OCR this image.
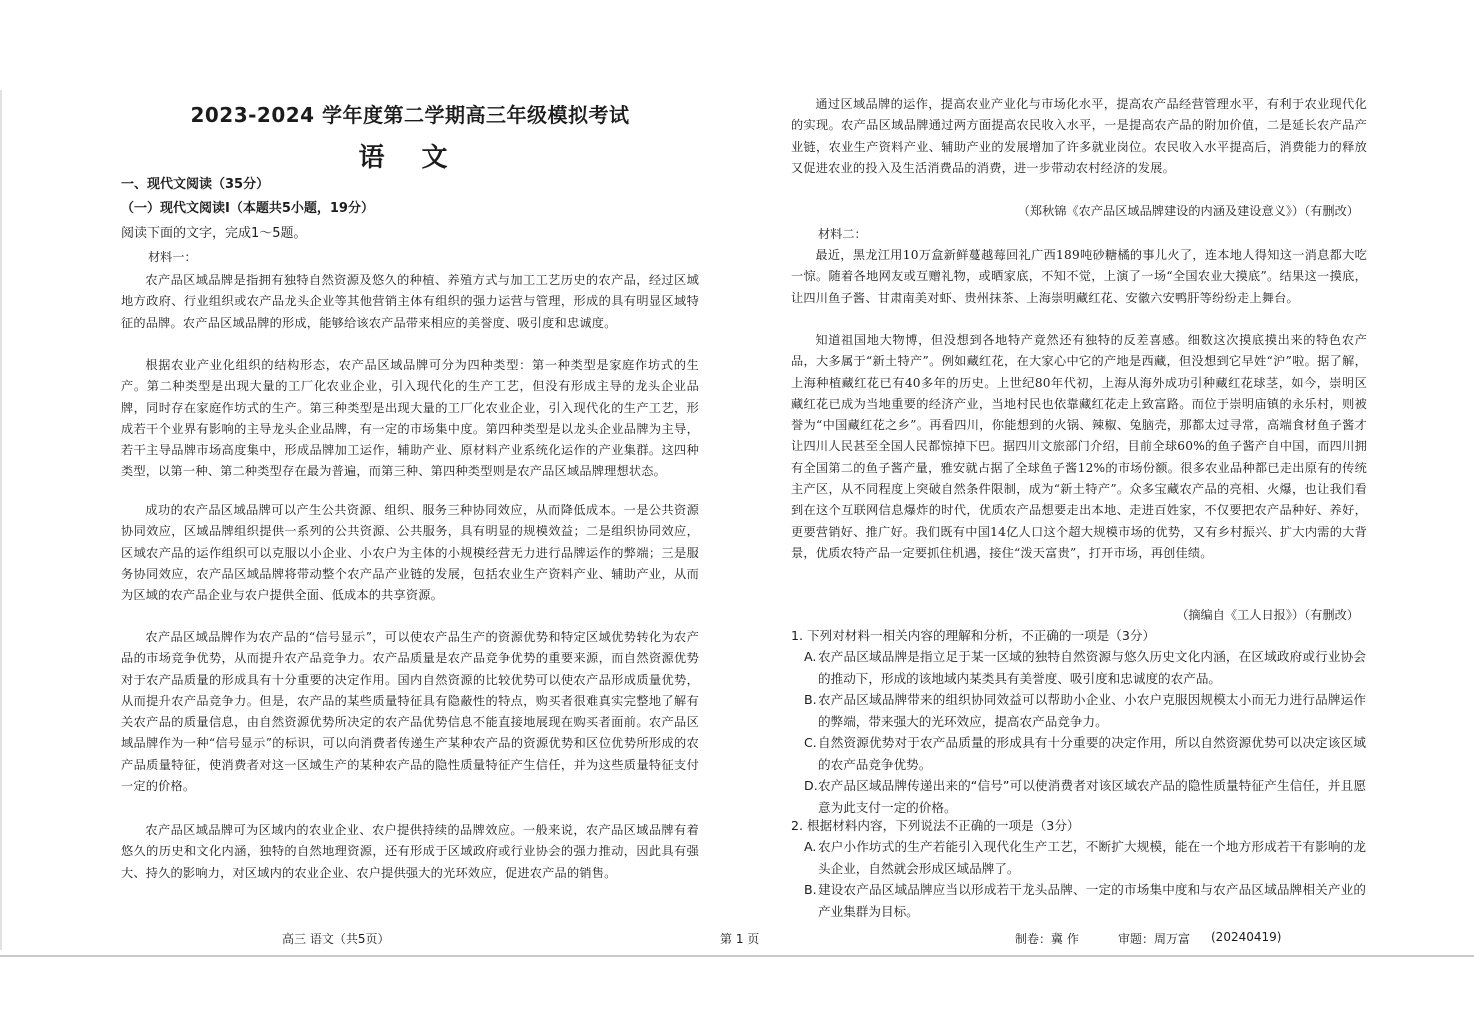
2023-2024 学年度第二学期高三年级模拟考试
语 文
一、现代文阅读（35分）
（一）现代文阅读Ⅰ（本题共5小题，19分）
阅读下面的文字，完成1～5题。
材料一：

农产品区域品牌是指拥有独特自然资源及悠久的种植、养殖方式与加工工艺历史的农产品，经过区域地方政府、行业组织或农产品龙头企业等其他营销主体有组织的强力运营与管理，形成的具有明显区域特征的品牌。农产品区域品牌的形成，能够给该农产品带来相应的美誉度、吸引度和忠诚度。

根据农业产业化组织的结构形态，农产品区域品牌可分为四种类型：第一种类型是家庭作坊式的生产。第二种类型是出现大量的工厂化农业企业，引入现代化的生产工艺，但没有形成主导的龙头企业品牌，同时存在家庭作坊式的生产。第三种类型是出现大量的工厂化农业企业，引入现代化的生产工艺，形成若干个业界有影响的主导龙头企业品牌，有一定的市场集中度。第四种类型是以龙头企业品牌为主导，若干主导品牌市场高度集中，形成品牌加工运作，辅助产业、原材料产业系统化运作的产业集群。这四种类型，以第一种、第二种类型存在最为普遍，而第三种、第四种类型则是农产品区域品牌理想状态。

成功的农产品区域品牌可以产生公共资源、组织、服务三种协同效应，从而降低成本。一是公共资源协同效应，区域品牌组织提供一系列的公共资源、公共服务，具有明显的规模效益；二是组织协同效应，区域农产品的运作组织可以克服以小企业、小农户为主体的小规模经营无力进行品牌运作的弊端；三是服务协同效应，农产品区域品牌将带动整个农产品产业链的发展，包括农业生产资料产业、辅助产业，从而为区域的农产品企业与农户提供全面、低成本的共享资源。

农产品区域品牌作为农产品的“信号显示”，可以使农产品生产的资源优势和特定区域优势转化为农产品的市场竞争优势，从而提升农产品竞争力。农产品质量是农产品竞争优势的重要来源，而自然资源优势对于农产品质量的形成具有十分重要的决定作用。国内自然资源的比较优势可以使农产品形成质量优势，从而提升农产品竞争力。但是，农产品的某些质量特征具有隐蔽性的特点，购买者很难真实完整地了解有关农产品的质量信息，由自然资源优势所决定的农产品优势信息不能直接地展现在购买者面前。农产品区域品牌作为一种“信号显示”的标识，可以向消费者传递生产某种农产品的资源优势和区位优势所形成的农产品质量特征，使消费者对这一区域生产的某种农产品的隐性质量特征产生信任，并为这些质量特征支付一定的价格。

农产品区域品牌可为区域内的农业企业、农户提供持续的品牌效应。一般来说，农产品区域品牌有着悠久的历史和文化内涵，独特的自然地理资源，还有形成于区域政府或行业协会的强力推动，因此具有强大、持久的影响力，对区域内的农业企业、农户提供强大的光环效应，促进农产品的销售。

通过区域品牌的运作，提高农业产业化与市场化水平，提高农产品经营管理水平，有利于农业现代化的实现。农产品区域品牌通过两方面提高农民收入水平，一是提高农产品的附加价值，二是延长农产品产业链，农业生产资料产业、辅助产业的发展增加了许多就业岗位。农民收入水平提高后，消费能力的释放又促进农业的投入及生活消费品的消费，进一步带动农村经济的发展。

（郑秋锦《农产品区域品牌建设的内涵及建设意义》）（有删改）
材料二：

最近，黑龙江用10万盒新鲜蔓越莓回礼广西189吨砂糖橘的事儿火了，连本地人得知这一消息都大吃一惊。随着各地网友或互赠礼物，或晒家底，不知不觉，上演了一场“全国农业大摸底”。结果这一摸底，让四川鱼子酱、甘肃南美对虾、贵州抹茶、上海崇明藏红花、安徽六安鸭肝等纷纷走上舞台。

知道祖国地大物博，但没想到各地特产竟然还有独特的反差喜感。细数这次摸底摸出来的特色农产品，大多属于“新土特产”。例如藏红花，在大家心中它的产地是西藏，但没想到它早姓“沪”啦。据了解，上海种植藏红花已有40多年的历史。上世纪80年代初，上海从海外成功引种藏红花球茎，如今，崇明区藏红花已成为当地重要的经济产业，当地村民也依靠藏红花走上致富路。而位于崇明庙镇的永乐村，则被誉为“中国藏红花之乡”。再看四川，你能想到的火锅、辣椒、兔脑壳，那都太过寻常，高端食材鱼子酱才让四川人民甚至全国人民都惊掉下巴。据四川文旅部门介绍，目前全球60%的鱼子酱产自中国，而四川拥有全国第二的鱼子酱产量，雅安就占据了全球鱼子酱12%的市场份额。很多农业品种都已走出原有的传统主产区，从不同程度上突破自然条件限制，成为“新土特产”。众多宝藏农产品的亮相、火爆，也让我们看到在这个互联网信息爆炸的时代，优质农产品想要走出本地、走进百姓家，不仅要把农产品种好、养好，更要营销好、推广好。我们既有中国14亿人口这个超大规模市场的优势，又有乡村振兴、扩大内需的大背景，优质农特产品一定要抓住机遇，接住“泼天富贵”，打开市场，再创佳绩。

（摘编自《工人日报》）（有删改）
1. 下列对材料一相关内容的理解和分析，不正确的一项是（3分）
A. 农产品区域品牌是指立足于某一区域的独特自然资源与悠久历史文化内涵，在区域政府或行业协会的推动下，形成的该地域内某类具有美誉度、吸引度和忠诚度的农产品。
B. 农产品区域品牌带来的组织协同效益可以帮助小企业、小农户克服因规模太小而无力进行品牌运作的弊端，带来强大的光环效应，提高农产品竞争力。
C. 自然资源优势对于农产品质量的形成具有十分重要的决定作用，所以自然资源优势可以决定该区域的农产品竞争优势。
D. 农产品区域品牌传递出来的“信号”可以使消费者对该区域农产品的隐性质量特征产生信任，并且愿意为此支付一定的价格。
2. 根据材料内容，下列说法不正确的一项是（3分）
A. 农户小作坊式的生产若能引入现代化生产工艺，不断扩大规模，能在一个地方形成若干有影响的龙头企业，自然就会形成区域品牌了。
B. 建设农产品区域品牌应当以形成若干龙头品牌、一定的市场集中度和与农产品区域品牌相关产业的产业集群为目标。
高三 语文（共5页）	第 1 页	制卷：冀 作	审题：周万富 (20240419)
